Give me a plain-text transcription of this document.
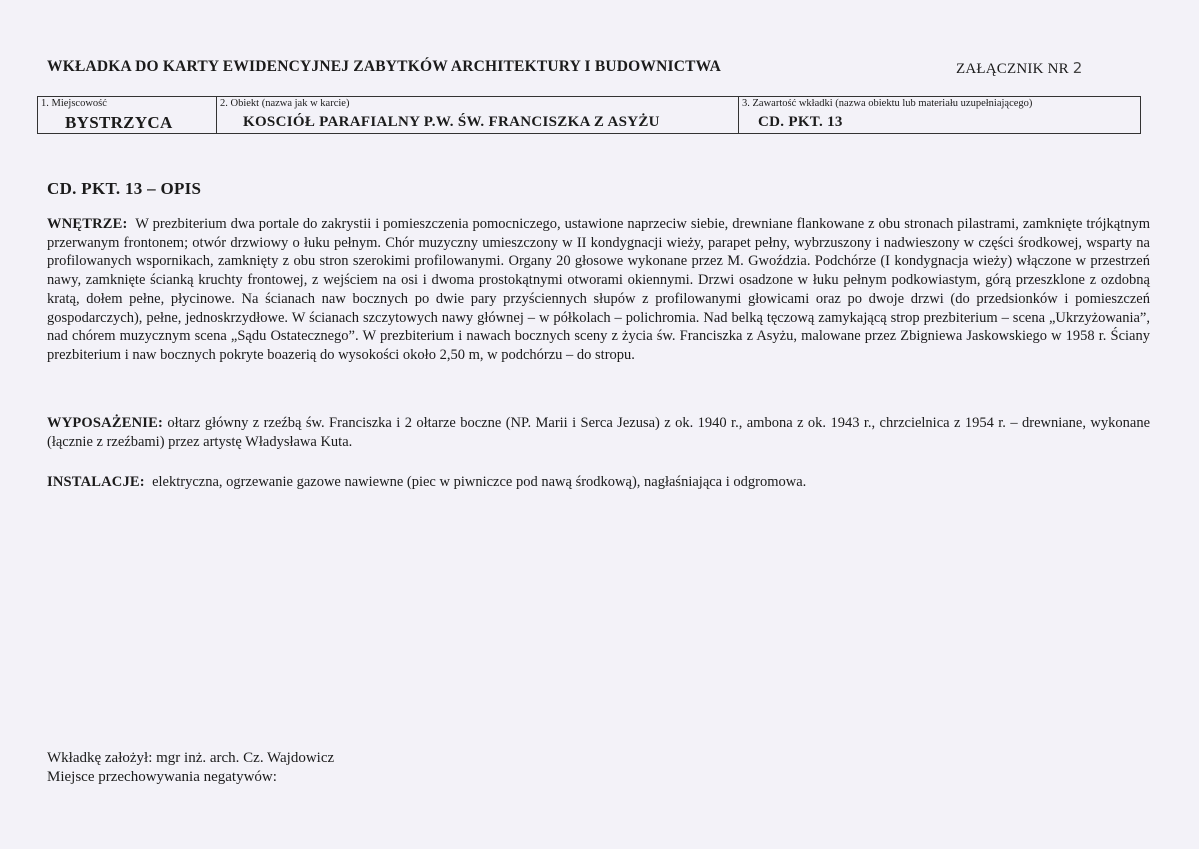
WKŁADKA DO KARTY EWIDENCYJNEJ ZABYTKÓW ARCHITEKTURY I BUDOWNICTWA	ZAŁĄCZNIK NR 2
1. Miejscowość
BYSTRZYCA
2. Obiekt (nazwa jak w karcie)
KOSCIÓŁ PARAFIALNY P.W. ŚW. FRANCISZKA Z ASYŻU
3. Zawartość wkładki (nazwa obiektu lub materiału uzupełniającego)
CD. PKT. 13
CD. PKT. 13 – OPIS
WNĘTRZE: W prezbiterium dwa portale do zakrystii i pomieszczenia pomocniczego, ustawione naprzeciw siebie, drewniane flankowane z obu stronach pilastrami, zamknięte trójkątnym przerwanym frontonem; otwór drzwiowy o łuku pełnym. Chór muzyczny umieszczony w II kondygnacji wieży, parapet pełny, wybrzuszony i nadwieszony w części środkowej, wsparty na profilowanych wspornikach, zamknięty z obu stron szerokimi profilowanymi. Organy 20 głosowe wykonane przez M. Gwoździa. Podchórze (I kondygnacja wieży) włączone w przestrzeń nawy, zamknięte ścianką kruchty frontowej, z wejściem na osi i dwoma prostokątnymi otworami okiennymi. Drzwi osadzone w łuku pełnym podkowiastym, górą przeszklone z ozdobną kratą, dołem pełne, płycinowe. Na ścianach naw bocznych po dwie pary przyściennych słupów z profilowanymi głowicami oraz po dwoje drzwi (do przedsionków i pomieszczeń gospodarczych), pełne, jednoskrzydłowe. W ścianach szczytowych nawy głównej – w półkolach – polichromia. Nad belką tęczową zamykającą strop prezbiterium – scena „Ukrzyżowania”, nad chórem muzycznym scena „Sądu Ostatecznego”. W prezbiterium i nawach bocznych sceny z życia św. Franciszka z Asyżu, malowane przez Zbigniewa Jaskowskiego w 1958 r. Ściany prezbiterium i naw bocznych pokryte boazerią do wysokości około 2,50 m, w podchórzu – do stropu.
WYPOSAŻENIE: ołtarz główny z rzeźbą św. Franciszka i 2 ołtarze boczne (NP. Marii i Serca Jezusa) z ok. 1940 r., ambona z ok. 1943 r., chrzcielnica z 1954 r. – drewniane, wykonane (łącznie z rzeźbami) przez artystę Władysława Kuta.
INSTALACJE: elektryczna, ogrzewanie gazowe nawiewne (piec w piwniczce pod nawą środkową), nagłaśniająca i odgromowa.
Wkładkę założył: mgr inż. arch. Cz. Wajdowicz
Miejsce przechowywania negatywów:
